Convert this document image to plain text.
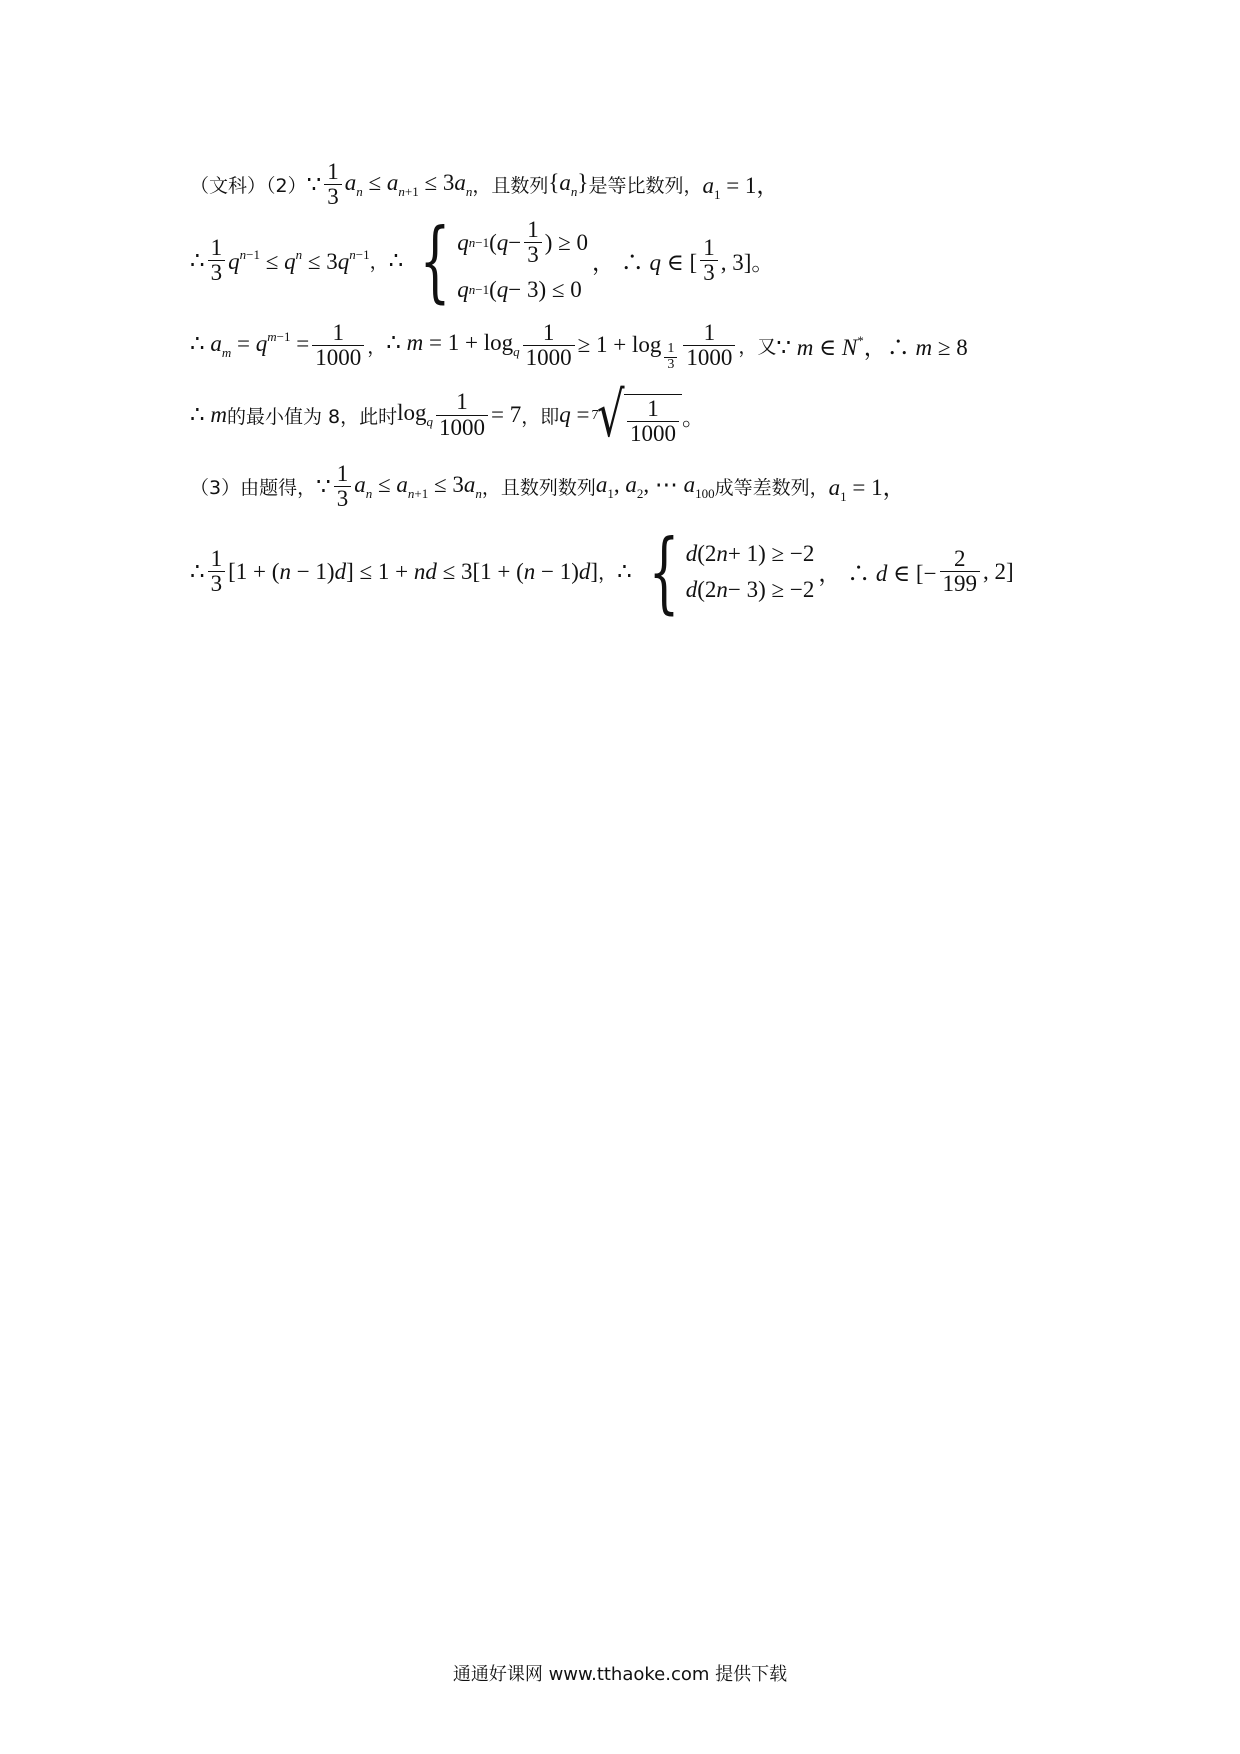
（文科）（2） ∵ $\frac{1}{3} a_n \le a_{n+1} \le 3a_n$ ，且数列 $\{a_n\}$ 是等比数列， $a_1 = 1$，
∴ $\frac{1}{3} q^{n-1} \le q^n \le 3q^{n-1}$ ， ∴ { q n−1 ( $q - \frac{1}{3}$ ) ≥ 0
q n−1 ( q − 3) ≤ 0
， ∴ q ∈ [ $\frac{1}{3}$ , 3]。
∴ $a_m = q^{m-1} = \frac{1}{1000}$ ， ∴ $m = 1 + \log_q \frac{1}{1000} \ge 1 + \log \frac{1}{3} \frac{1}{1000}$ ，又 ∵ m ∈ N*，∴ m ≥ 8
∴ m 的最小值为 8，此时 $\log_q \frac{1}{1000} = 7$ ，即 q = 7
√ $\frac{1}{1000}$ 。
（3）由题得， ∵ $\frac{1}{3} a_n \le a_{n+1} \le 3a_n$ ，且数列数列 $a_1$, $a_2$, ⋯ $a_{100}$ 成等差数列， $a_1 = 1$，
∴ $\frac{1}{3} [1 + (n - 1)d] \le 1$ + nd ≤ 3[1 + (n − 1)d] ， ∴ { d (2 n + 1) ≥ −2
d (2 n − 3) ≥ −2
， ∴ d ∈ [− $\frac{2}{199}$ , 2]
通通好课网 www.tthaoke.com 提供下载
